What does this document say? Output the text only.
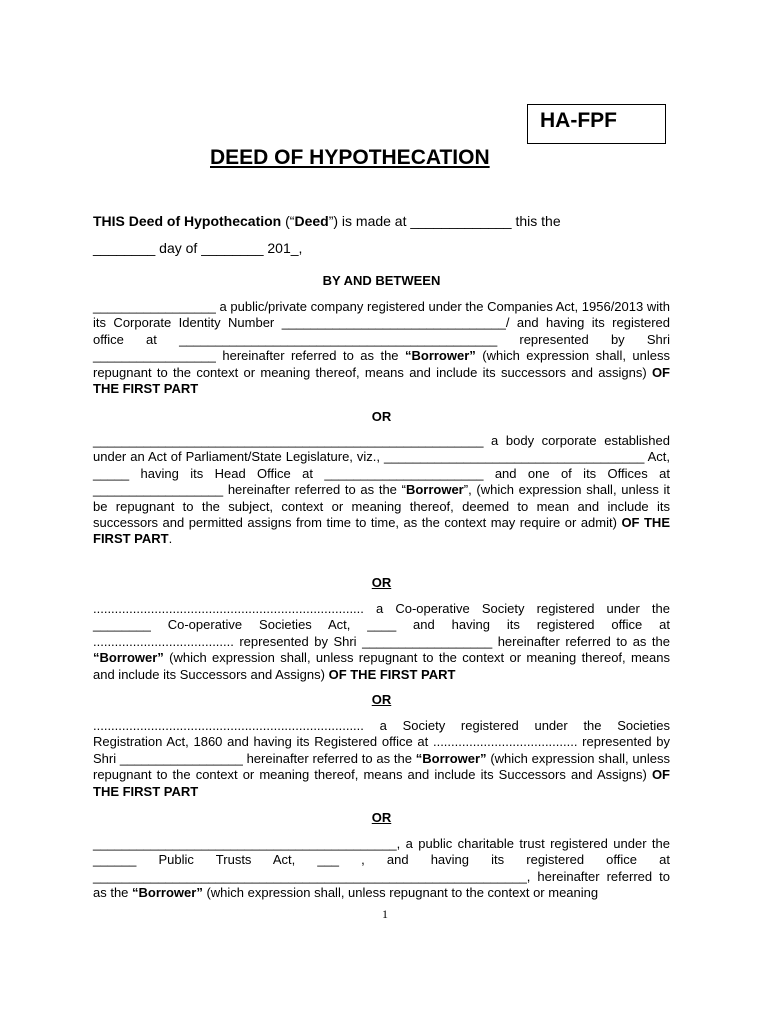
HA-FPF
DEED OF HYPOTHECATION
THIS Deed of Hypothecation (“Deed”) is made at _____________ this the
________ day of ________ 201_,
BY AND BETWEEN
_________________ a public/private company registered under the Companies Act, 1956/2013 with its Corporate Identity Number _______________________________/ and having its registered office at ____________________________________________ represented by Shri _________________ hereinafter referred to as the “Borrower” (which expression shall, unless repugnant to the context or meaning thereof, means and include its successors and assigns) OF THE FIRST PART
OR
______________________________________________________ a body corporate established under an Act of Parliament/State Legislature, viz., ____________________________________ Act, _____ having its Head Office at ______________________ and one of its Offices at __________________ hereinafter referred to as the “Borrower”, (which expression shall, unless it be repugnant to the subject, context or meaning thereof, deemed to mean and include its successors and permitted assigns from time to time, as the context may require or admit) OF THE FIRST PART.
OR
........................................................................... a Co-operative Society registered under the ________ Co-operative Societies Act, ____ and having its registered office at ....................................... represented by Shri __________________ hereinafter referred to as the “Borrower” (which expression shall, unless repugnant to the context or meaning thereof, means and include its Successors and Assigns) OF THE FIRST PART
OR
........................................................................... a Society registered under the Societies Registration Act, 1860 and having its Registered office at ........................................ represented by Shri _________________ hereinafter referred to as the “Borrower” (which expression shall, unless repugnant to the context or meaning thereof, means and include its Successors and Assigns) OF THE FIRST PART
OR
__________________________________________, a public charitable trust registered under the ______ Public Trusts Act, ___ , and having its registered office at ____________________________________________________________, hereinafter referred to as the “Borrower” (which expression shall, unless repugnant to the context or meaning
1
